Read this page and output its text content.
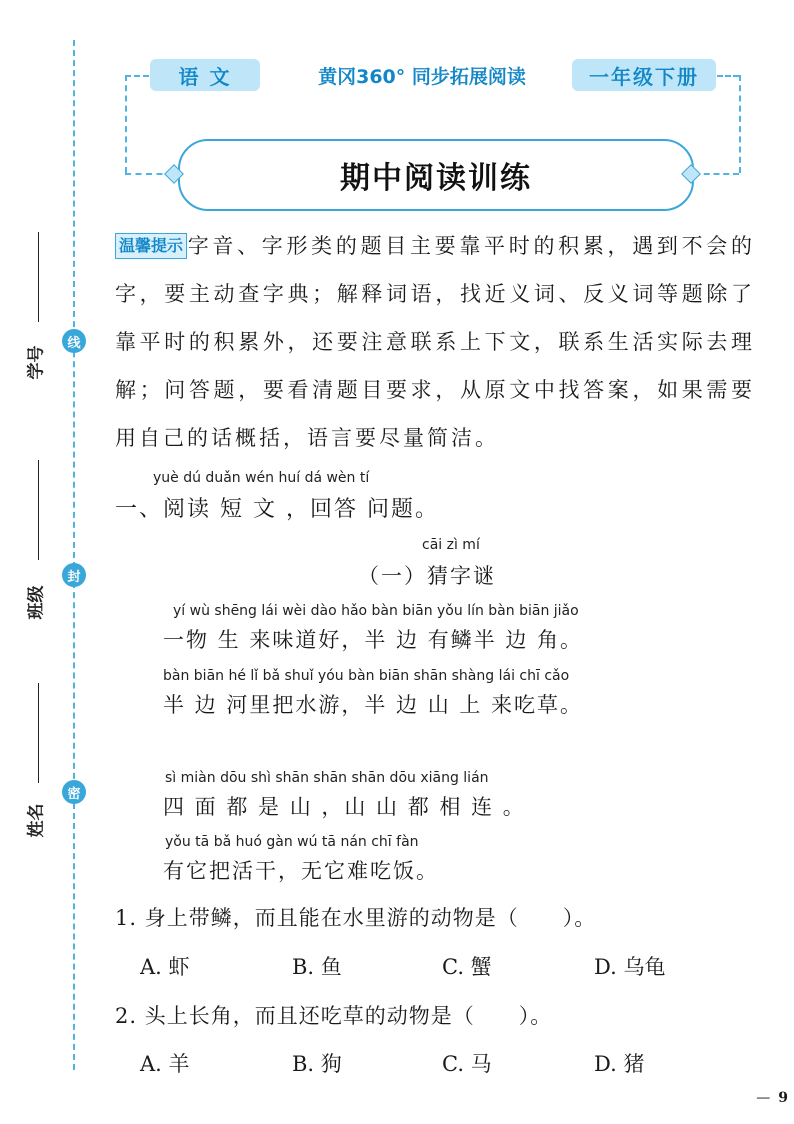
线
封
密
学号
班级
姓名
语 文	黄冈360° 同步拓展阅读	一年级下册
期中阅读训练
温馨提示 字音、字形类的题目主要靠平时的积累，遇到不会的字，要主动查字典；解释词语，找近义词、反义词等题除了靠平时的积累外，还要注意联系上下文，联系生活实际去理解；问答题，要看清题目要求，从原文中找答案，如果需要用自己的话概括，语言要尽量简洁。
yuè dú duǎn wén huí dá wèn tí
一、阅读 短 文 ，回答 问题。
cāi zì mí
（一）猜字谜
yí wù shēng lái wèi dào hǎo bàn biān yǒu lín bàn biān jiǎo
一物 生 来味道好，半 边 有鳞半 边 角。
bàn biān hé lǐ bǎ shuǐ yóu bàn biān shān shàng lái chī cǎo
半 边 河里把水游，半 边 山 上 来吃草。
sì miàn dōu shì shān shān shān dōu xiāng lián
四 面 都 是 山 ，山 山 都 相 连 。
yǒu tā bǎ huó gàn wú tā nán chī fàn
有它把活干，无它难吃饭。
1. 身上带鳞，而且能在水里游的动物是（　　）。
A. 虾	B. 鱼	C. 蟹	D. 乌龟
2. 头上长角，而且还吃草的动物是（　　）。
A. 羊	B. 狗	C. 马	D. 猪
— 9
